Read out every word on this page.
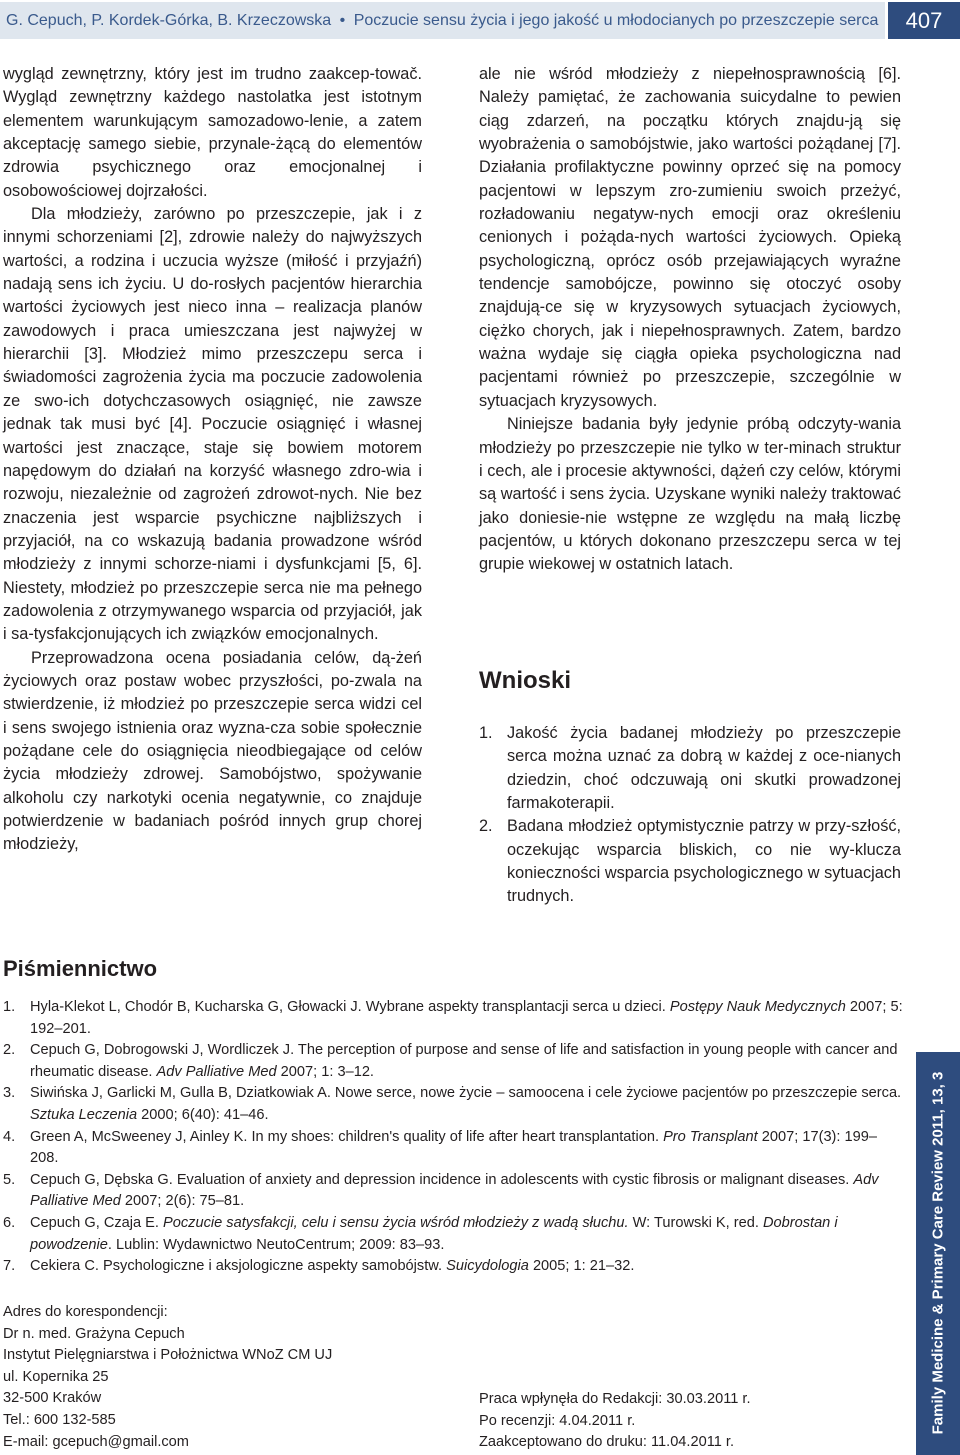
G. Cepuch, P. Kordek-Górka, B. Krzeczowska • Poczucie sensu życia i jego jakość u młodocianych po przeszczepie serca	407

wygląd zewnętrzny, który jest im trudno zaakcep-towač. Wygląd zewnętrzny każdego nastolatka jest istotnym elementem warunkującym samozadowo-lenie, a zatem akceptację samego siebie, przynale-żącą do elementów zdrowia psychicznego oraz emocjonalnej i osobowościowej dojrzałości.

Dla młodzieży, zarówno po przeszczepie, jak i z innymi schorzeniami [2], zdrowie należy do najwyższych wartości, a rodzina i uczucia wyższe (miłość i przyjaźń) nadają sens ich życiu. U do-rosłych pacjentów hierarchia wartości życiowych jest nieco inna – realizacja planów zawodowych i praca umieszczana jest najwyżej w hierarchii [3]. Młodzież mimo przeszczepu serca i świadomości zagrożenia życia ma poczucie zadowolenia ze swo-ich dotychczasowych osiągnięć, nie zawsze jednak tak musi być [4]. Poczucie osiągnięć i własnej wartości jest znaczące, staje się bowiem motorem napędowym do działań na korzyść własnego zdro-wia i rozwoju, niezależnie od zagrożeń zdrowot-nych. Nie bez znaczenia jest wsparcie psychiczne najbliższych i przyjaciół, na co wskazują badania prowadzone wśród młodzieży z innymi schorze-niami i dysfunkcjami [5, 6]. Niestety, młodzież po przeszczepie serca nie ma pełnego zadowolenia z otrzymywanego wsparcia od przyjaciół, jak i sa-tysfakcjonujących ich związków emocjonalnych.

Przeprowadzona ocena posiadania celów, dą-żeń życiowych oraz postaw wobec przyszłości, po-zwala na stwierdzenie, iż młodzież po przeszczepie serca widzi cel i sens swojego istnienia oraz wyzna-cza sobie społecznie pożądane cele do osiągnięcia nieodbiegające od celów życia młodzieży zdrowej. Samobójstwo, spożywanie alkoholu czy narkotyki ocenia negatywnie, co znajduje potwierdzenie w badaniach pośród innych grup chorej młodzieży,

ale nie wśród młodzieży z niepełnosprawnością [6]. Należy pamiętać, że zachowania suicydalne to pewien ciąg zdarzeń, na początku których znajdu-ją się wyobrażenia o samobójstwie, jako wartości pożądanej [7]. Działania profilaktyczne powinny oprzeć się na pomocy pacjentowi w lepszym zro-zumieniu swoich przeżyć, rozładowaniu negatyw-nych emocji oraz określeniu cenionych i pożąda-nych wartości życiowych. Opieką psychologiczną, oprócz osób przejawiających wyraźne tendencje samobójcze, powinno się otoczyć osoby znajdują-ce się w kryzysowych sytuacjach życiowych, ciężko chorych, jak i niepełnosprawnych. Zatem, bardzo ważna wydaje się ciągła opieka psychologiczna nad pacjentami również po przeszczepie, szczególnie w sytuacjach kryzysowych.

Niniejsze badania były jedynie próbą odczyty-wania młodzieży po przeszczepie nie tylko w ter-minach struktur i cech, ale i procesie aktywności, dążeń czy celów, którymi są wartość i sens życia. Uzyskane wyniki należy traktować jako doniesie-nie wstępne ze względu na małą liczbę pacjentów, u których dokonano przeszczepu serca w tej grupie wiekowej w ostatnich latach.

Wnioski
1. Jakość życia badanej młodzieży po przeszczepie serca można uznać za dobrą w każdej z oce-nianych dziedzin, choć odczuwają oni skutki prowadzonej farmakoterapii.
2. Badana młodzież optymistycznie patrzy w przy-szłość, oczekując wsparcia bliskich, co nie wy-klucza konieczności wsparcia psychologicznego w sytuacjach trudnych.
Piśmiennictwo
1. Hyla-Klekot L, Chodór B, Kucharska G, Głowacki J. Wybrane aspekty transplantacji serca u dzieci. Postępy Nauk Medycznych 2007; 5: 192–201.
2. Cepuch G, Dobrogowski J, Wordliczek J. The perception of purpose and sense of life and satisfaction in young people with cancer and rheumatic disease. Adv Palliative Med 2007; 1: 3–12.
3. Siwińska J, Garlicki M, Gulla B, Dziatkowiak A. Nowe serce, nowe życie – samoocena i cele życiowe pacjentów po przeszczepie serca. Sztuka Leczenia 2000; 6(40): 41–46.
4. Green A, McSweeney J, Ainley K. In my shoes: children's quality of life after heart transplantation. Pro Transplant 2007; 17(3): 199–208.
5. Cepuch G, Dębska G. Evaluation of anxiety and depression incidence in adolescents with cystic fibrosis or malignant diseases. Adv Palliative Med 2007; 2(6): 75–81.
6. Cepuch G, Czaja E. Poczucie satysfakcji, celu i sensu życia wśród młodzieży z wadą słuchu. W: Turowski K, red. Dobrostan i powodzenie. Lublin: Wydawnictwo NeutoCentrum; 2009: 83–93.
7. Cekiera C. Psychologiczne i aksjologiczne aspekty samobójstw. Suicydologia 2005; 1: 21–32.
Adres do korespondencji:
Dr n. med. Grażyna Cepuch
Instytut Pielęgniarstwa i Położnictwa WNoZ CM UJ
ul. Kopernika 25
32-500 Kraków
Tel.: 600 132-585
E-mail: gcepuch@gmail.com
Praca wpłynęła do Redakcji: 30.03.2011 r.
Po recenzji: 4.04.2011 r.
Zaakceptowano do druku: 11.04.2011 r.
Family Medicine & Primary Care Review 2011, 13, 3
